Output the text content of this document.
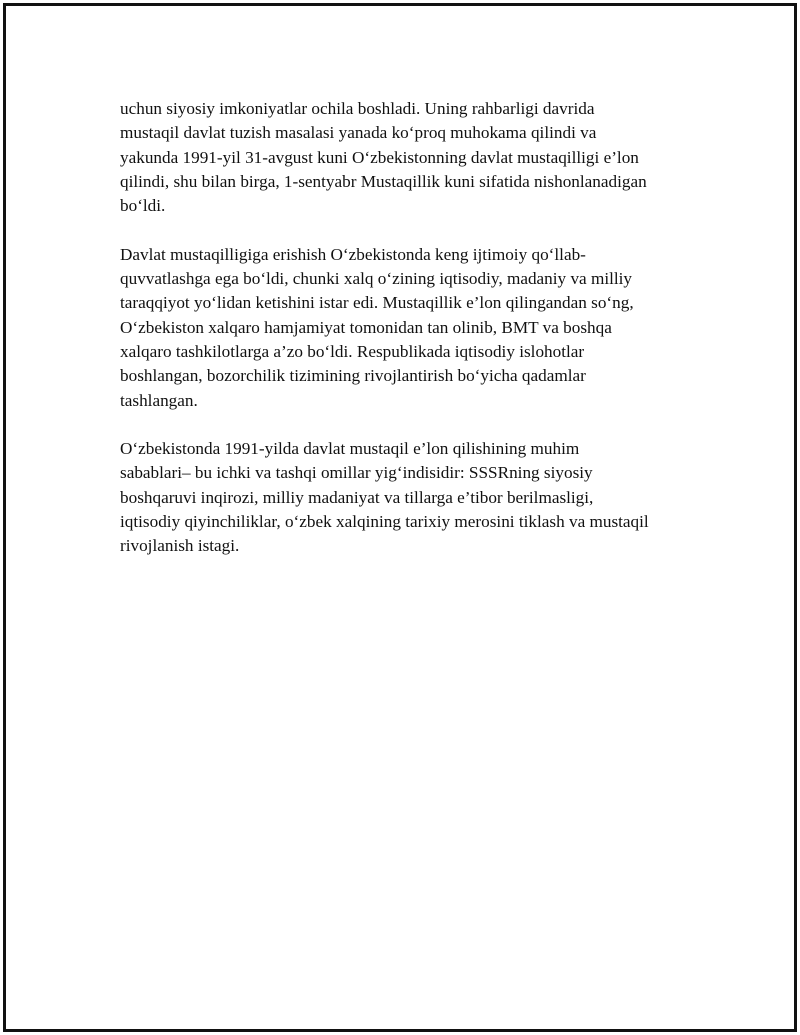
uchun siyosiy imkoniyatlar ochila boshladi. Uning rahbarligi davrida
mustaqil davlat tuzish masalasi yanada ko‘proq muhokama qilindi va
yakunda 1991-yil 31-avgust kuni O‘zbekistonning davlat mustaqilligi e’lon
qilindi, shu bilan birga, 1-sentyabr Mustaqillik kuni sifatida nishonlanadigan
bo‘ldi.

Davlat mustaqilligiga erishish O‘zbekistonda keng ijtimoiy qo‘llab-
quvvatlashga ega bo‘ldi, chunki xalq o‘zining iqtisodiy, madaniy va milliy
taraqqiyot yo‘lidan ketishini istar edi. Mustaqillik e’lon qilingandan so‘ng,
O‘zbekiston xalqaro hamjamiyat tomonidan tan olinib, BMT va boshqa
xalqaro tashkilotlarga a’zo bo‘ldi. Respublikada iqtisodiy islohotlar
boshlangan, bozorchilik tizimining rivojlantirish bo‘yicha qadamlar
tashlangan.

O‘zbekistonda 1991-yilda davlat mustaqil e’lon qilishining muhim
sabablari– bu ichki va tashqi omillar yig‘indisidir: SSSRning siyosiy
boshqaruvi inqirozi, milliy madaniyat va tillarga e’tibor berilmasligi,
iqtisodiy qiyinchiliklar, o‘zbek xalqining tarixiy merosini tiklash va mustaqil
rivojlanish istagi.
